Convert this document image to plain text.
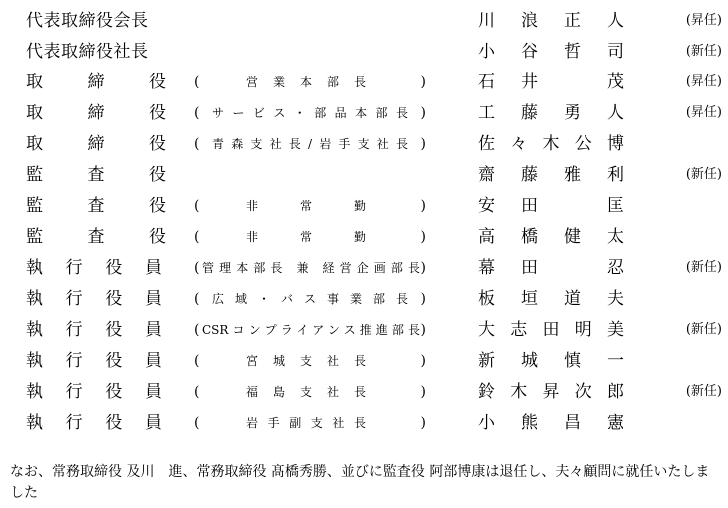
代表取締役会長	川浪正人	(昇任)
代表取締役社長	小谷哲司	(新任)
取締役 (	営業本部長	)	石井　茂	(昇任)
取締役 ( サービス・部品本部長 )	工藤勇人	(昇任)
取締役 ( 青森支社長/岩手支社長 )	佐々木公博
監査役	齋藤雅利	(新任)
監査役 (	非常勤	)	安田　匡
監査役 (	非常勤	)	高橋健太
執行役員 ( 管理本部長 兼 経営企画部長 )	幕田　忍	(新任)
執行役員 ( 広域・バス事業部長 )	板垣道夫
執行役員 ( CSRコンプライアンス推進部長 )	大志田明美	(新任)
執行役員 (	宮城支社長	)	新城慎一
執行役員 (	福島支社長	)	鈴木昇次郎	(新任)
執行役員 (	岩手副支社長	)	小熊昌憲
なお、常務取締役 及川　進、常務取締役 髙橋秀勝、並びに監査役 阿部博康は退任し、夫々顧問に就任いたしました
